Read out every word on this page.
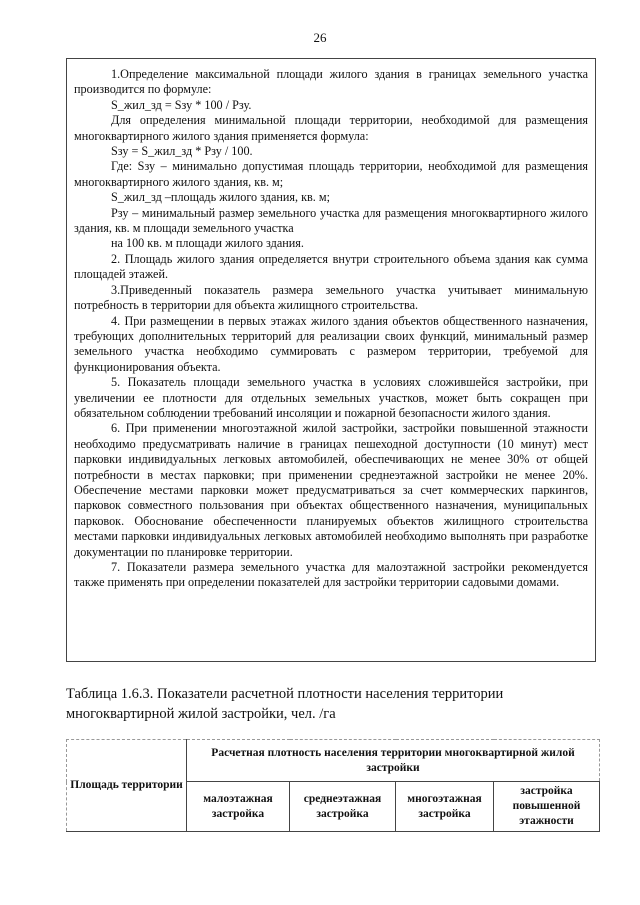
26

1.Определение максимальной площади жилого здания в границах земельного участка производится по формуле:

S_жил_зд = Sзу * 100 / Рзу.

Для определения минимальной площади территории, необходимой для размещения многоквартирного жилого здания применяется формула:

Sзу = S_жил_зд * Рзу / 100.

Где: Sзу – минимально допустимая площадь территории, необходимой для размещения многоквартирного жилого здания, кв. м;

S_жил_зд –площадь жилого здания, кв. м;

Рзу – минимальный размер земельного участка для размещения многоквартирного жилого здания, кв. м площади земельного участка

на 100 кв. м площади жилого здания.

2. Площадь жилого здания определяется внутри строительного объема здания как сумма площадей этажей.

3.Приведенный показатель размера земельного участка учитывает минимальную потребность в территории для объекта жилищного строительства.

4. При размещении в первых этажах жилого здания объектов общественного назначения, требующих дополнительных территорий для реализации своих функций, минимальный размер земельного участка необходимо суммировать с размером территории, требуемой для функционирования объекта.

5. Показатель площади земельного участка в условиях сложившейся застройки, при увеличении ее плотности для отдельных земельных участков, может быть сокращен при обязательном соблюдении требований инсоляции и пожарной безопасности жилого здания.

6. При применении многоэтажной жилой застройки, застройки повышенной этажности необходимо предусматривать наличие в границах пешеходной доступности (10 минут) мест парковки индивидуальных легковых автомобилей, обеспечивающих не менее 30% от общей потребности в местах парковки; при применении среднеэтажной застройки не менее 20%. Обеспечение местами парковки может предусматриваться за счет коммерческих паркингов, парковок совместного пользования при объектах общественного назначения, муниципальных парковок. Обоснование обеспеченности планируемых объектов жилищного строительства местами парковки индивидуальных легковых автомобилей необходимо выполнять при разработке документации по планировке территории.

7. Показатели размера земельного участка для малоэтажной застройки рекомендуется также применять при определении показателей для застройки территории садовыми домами.

Таблица 1.6.3. Показатели расчетной плотности населения территории многоквартирной жилой застройки, чел. /га
Площадь территории	Расчетная плотность населения территории многоквартирной жилой застройки			
	малоэтажная застройка	среднеэтажная застройка	многоэтажная застройка	застройка повышенной этажности
